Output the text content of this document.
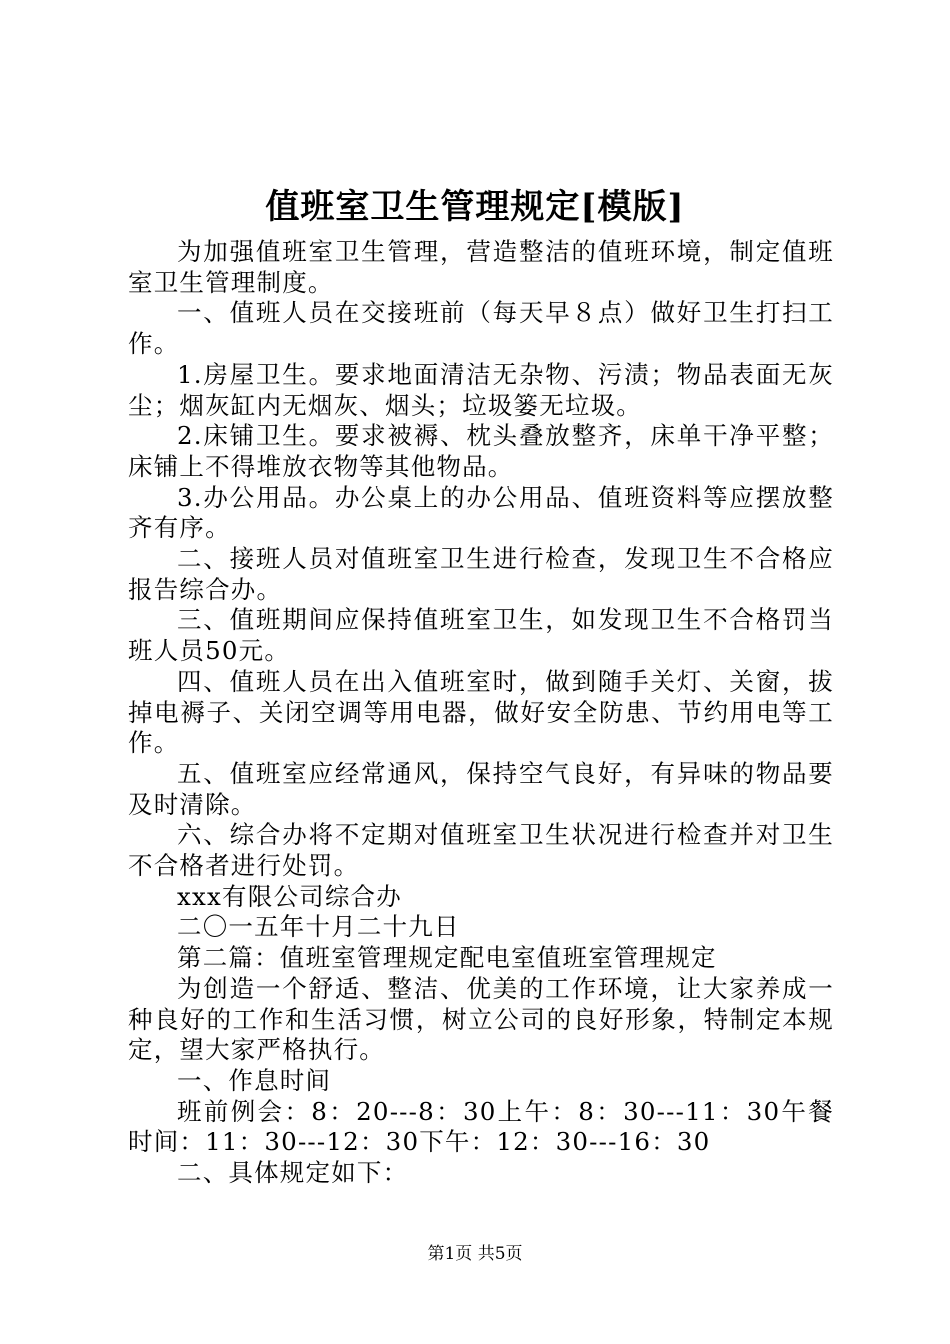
值班室卫生管理规定[模版]

为加强值班室卫生管理，营造整洁的值班环境，制定值班室卫生管理制度。

一、值班人员在交接班前（每天早８点）做好卫生打扫工作。

1.房屋卫生。要求地面清洁无杂物、污渍；物品表面无灰尘；烟灰缸内无烟灰、烟头；垃圾篓无垃圾。

2.床铺卫生。要求被褥、枕头叠放整齐，床单干净平整；床铺上不得堆放衣物等其他物品。

3.办公用品。办公桌上的办公用品、值班资料等应摆放整齐有序。

二、接班人员对值班室卫生进行检查，发现卫生不合格应报告综合办。

三、值班期间应保持值班室卫生，如发现卫生不合格罚当班人员50元。

四、值班人员在出入值班室时，做到随手关灯、关窗，拔掉电褥子、关闭空调等用电器，做好安全防患、节约用电等工作。

五、值班室应经常通风，保持空气良好，有异味的物品要及时清除。

六、综合办将不定期对值班室卫生状况进行检查并对卫生不合格者进行处罚。

xxx有限公司综合办

二〇一五年十月二十九日

第二篇：值班室管理规定配电室值班室管理规定

为创造一个舒适、整洁、优美的工作环境，让大家养成一种良好的工作和生活习惯，树立公司的良好形象，特制定本规定，望大家严格执行。

一、作息时间

班前例会：8：20---8：30上午：8：30---11：30午餐时间：11：30---12：30下午：12：30---16：30

二、具体规定如下：

第1页 共5页
